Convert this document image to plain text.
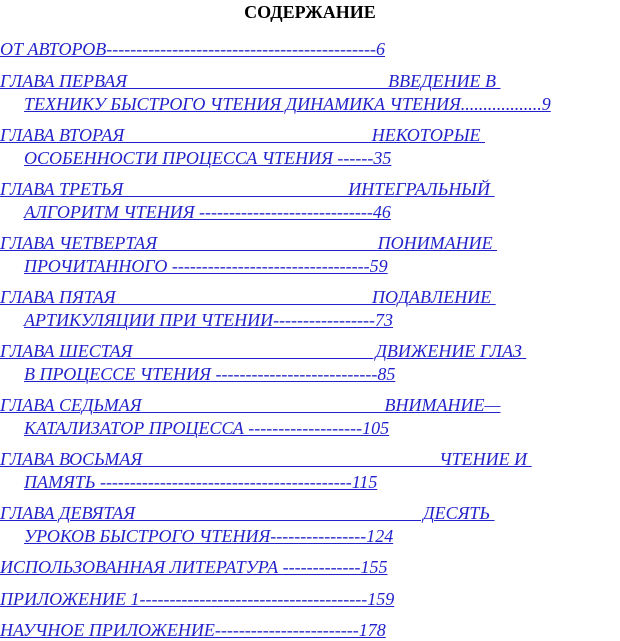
СОДЕРЖАНИЕ
ОТ АВТОРОВ---------------------------------------------6
ГЛАВА ПЕРВАЯ                                                          ВВЕДЕНИЕ В
ТЕХНИКУ БЫСТРОГО ЧТЕНИЯ ДИНАМИКА ЧТЕНИЯ..................9
ГЛАВА ВТОРАЯ                                                       НЕКОТОРЫЕ
ОСОБЕННОСТИ ПРОЦЕССА ЧТЕНИЯ ------35
ГЛАВА ТРЕТЬЯ                                                  ИНТЕГРАЛЬНЫЙ
АЛГОРИТМ ЧТЕНИЯ -----------------------------46
ГЛАВА ЧЕТВЕРТАЯ                                                 ПОНИМАНИЕ
ПРОЧИТАННОГО ---------------------------------59
ГЛАВА ПЯТАЯ                                                         ПОДАВЛЕНИЕ
АРТИКУЛЯЦИИ ПРИ ЧТЕНИИ-----------------73
ГЛАВА ШЕСТАЯ                                                      ДВИЖЕНИЕ ГЛАЗ
В ПРОЦЕССЕ ЧТЕНИЯ ---------------------------85
ГЛАВА СЕДЬМАЯ                                                      ВНИМАНИЕ—
КАТАЛИЗАТОР ПРОЦЕССА -------------------105
ГЛАВА ВОСЬМАЯ                                                                  ЧТЕНИЕ И
ПАМЯТЬ ------------------------------------------115
ГЛАВА ДЕВЯТАЯ                                                                ДЕСЯТЬ
УРОКОВ БЫСТРОГО ЧТЕНИЯ----------------124
ИСПОЛЬЗОВАННАЯ ЛИТЕРАТУРА -------------155
ПРИЛОЖЕНИЕ 1--------------------------------------159
НАУЧНОЕ ПРИЛОЖЕНИЕ------------------------178
